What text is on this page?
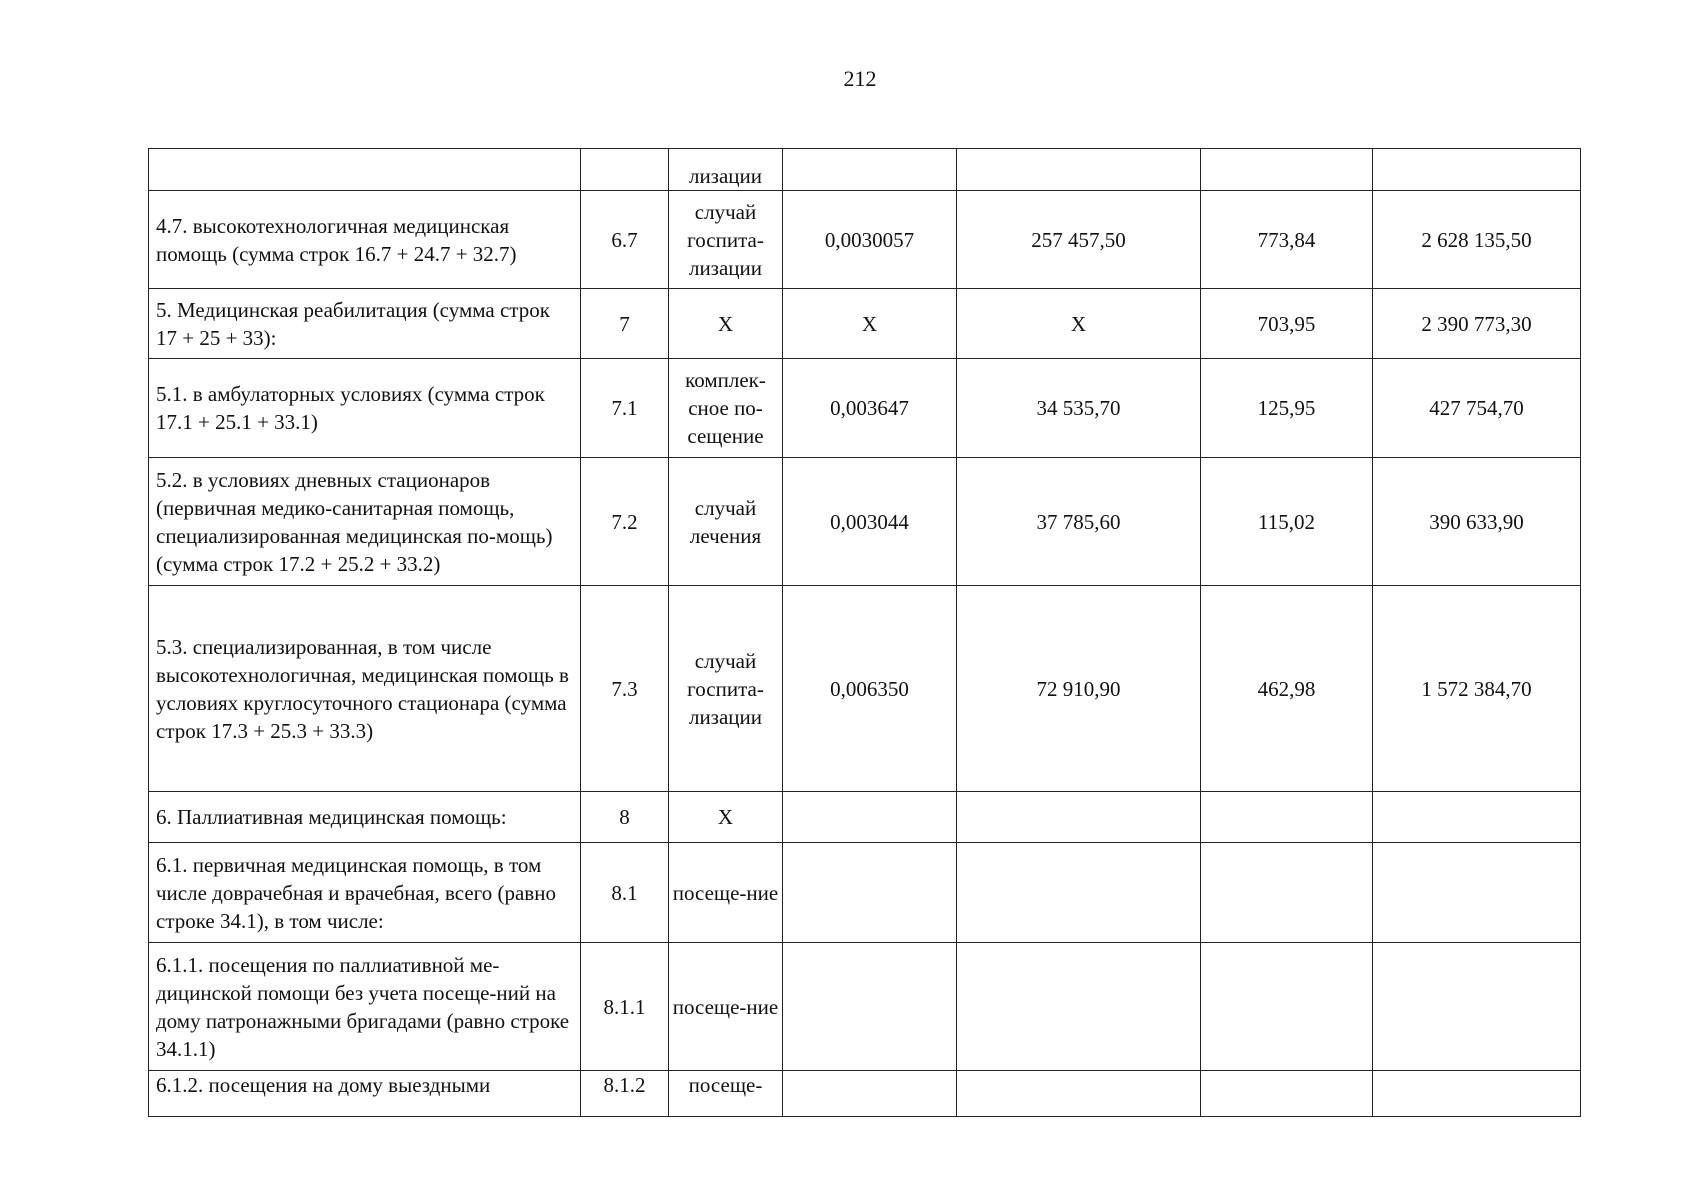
212
		лизации				
4.7. высокотехнологичная медицинская помощь (сумма строк 16.7 + 24.7 + 32.7)	6.7	случай госпита-лизации	0,0030057	257 457,50	773,84	2 628 135,50
5. Медицинская реабилитация (сумма строк 17 + 25 + 33):	7	X	X	X	703,95	2 390 773,30
5.1. в амбулаторных условиях (сумма строк 17.1 + 25.1 + 33.1)	7.1	комплек-сное по-сещение	0,003647	34 535,70	125,95	427 754,70
5.2. в условиях дневных стационаров (первичная медико-санитарная помощь, специализированная медицинская по-мощь) (сумма строк 17.2 + 25.2 + 33.2)	7.2	случай лечения	0,003044	37 785,60	115,02	390 633,90
5.3. специализированная, в том числе высокотехнологичная, медицинская помощь в условиях круглосуточного стационара (сумма строк 17.3 + 25.3 + 33.3)	7.3	случай госпита-лизации	0,006350	72 910,90	462,98	1 572 384,70
6. Паллиативная медицинская помощь:	8	X				
6.1. первичная медицинская помощь, в том числе доврачебная и врачебная, всего (равно строке 34.1), в том числе:	8.1	посеще-ние				
6.1.1. посещения по паллиативной ме-дицинской помощи без учета посеще-ний на дому патронажными бригадами (равно строке 34.1.1)	8.1.1	посеще-ние				
6.1.2. посещения на дому выездными	8.1.2	посеще-				
